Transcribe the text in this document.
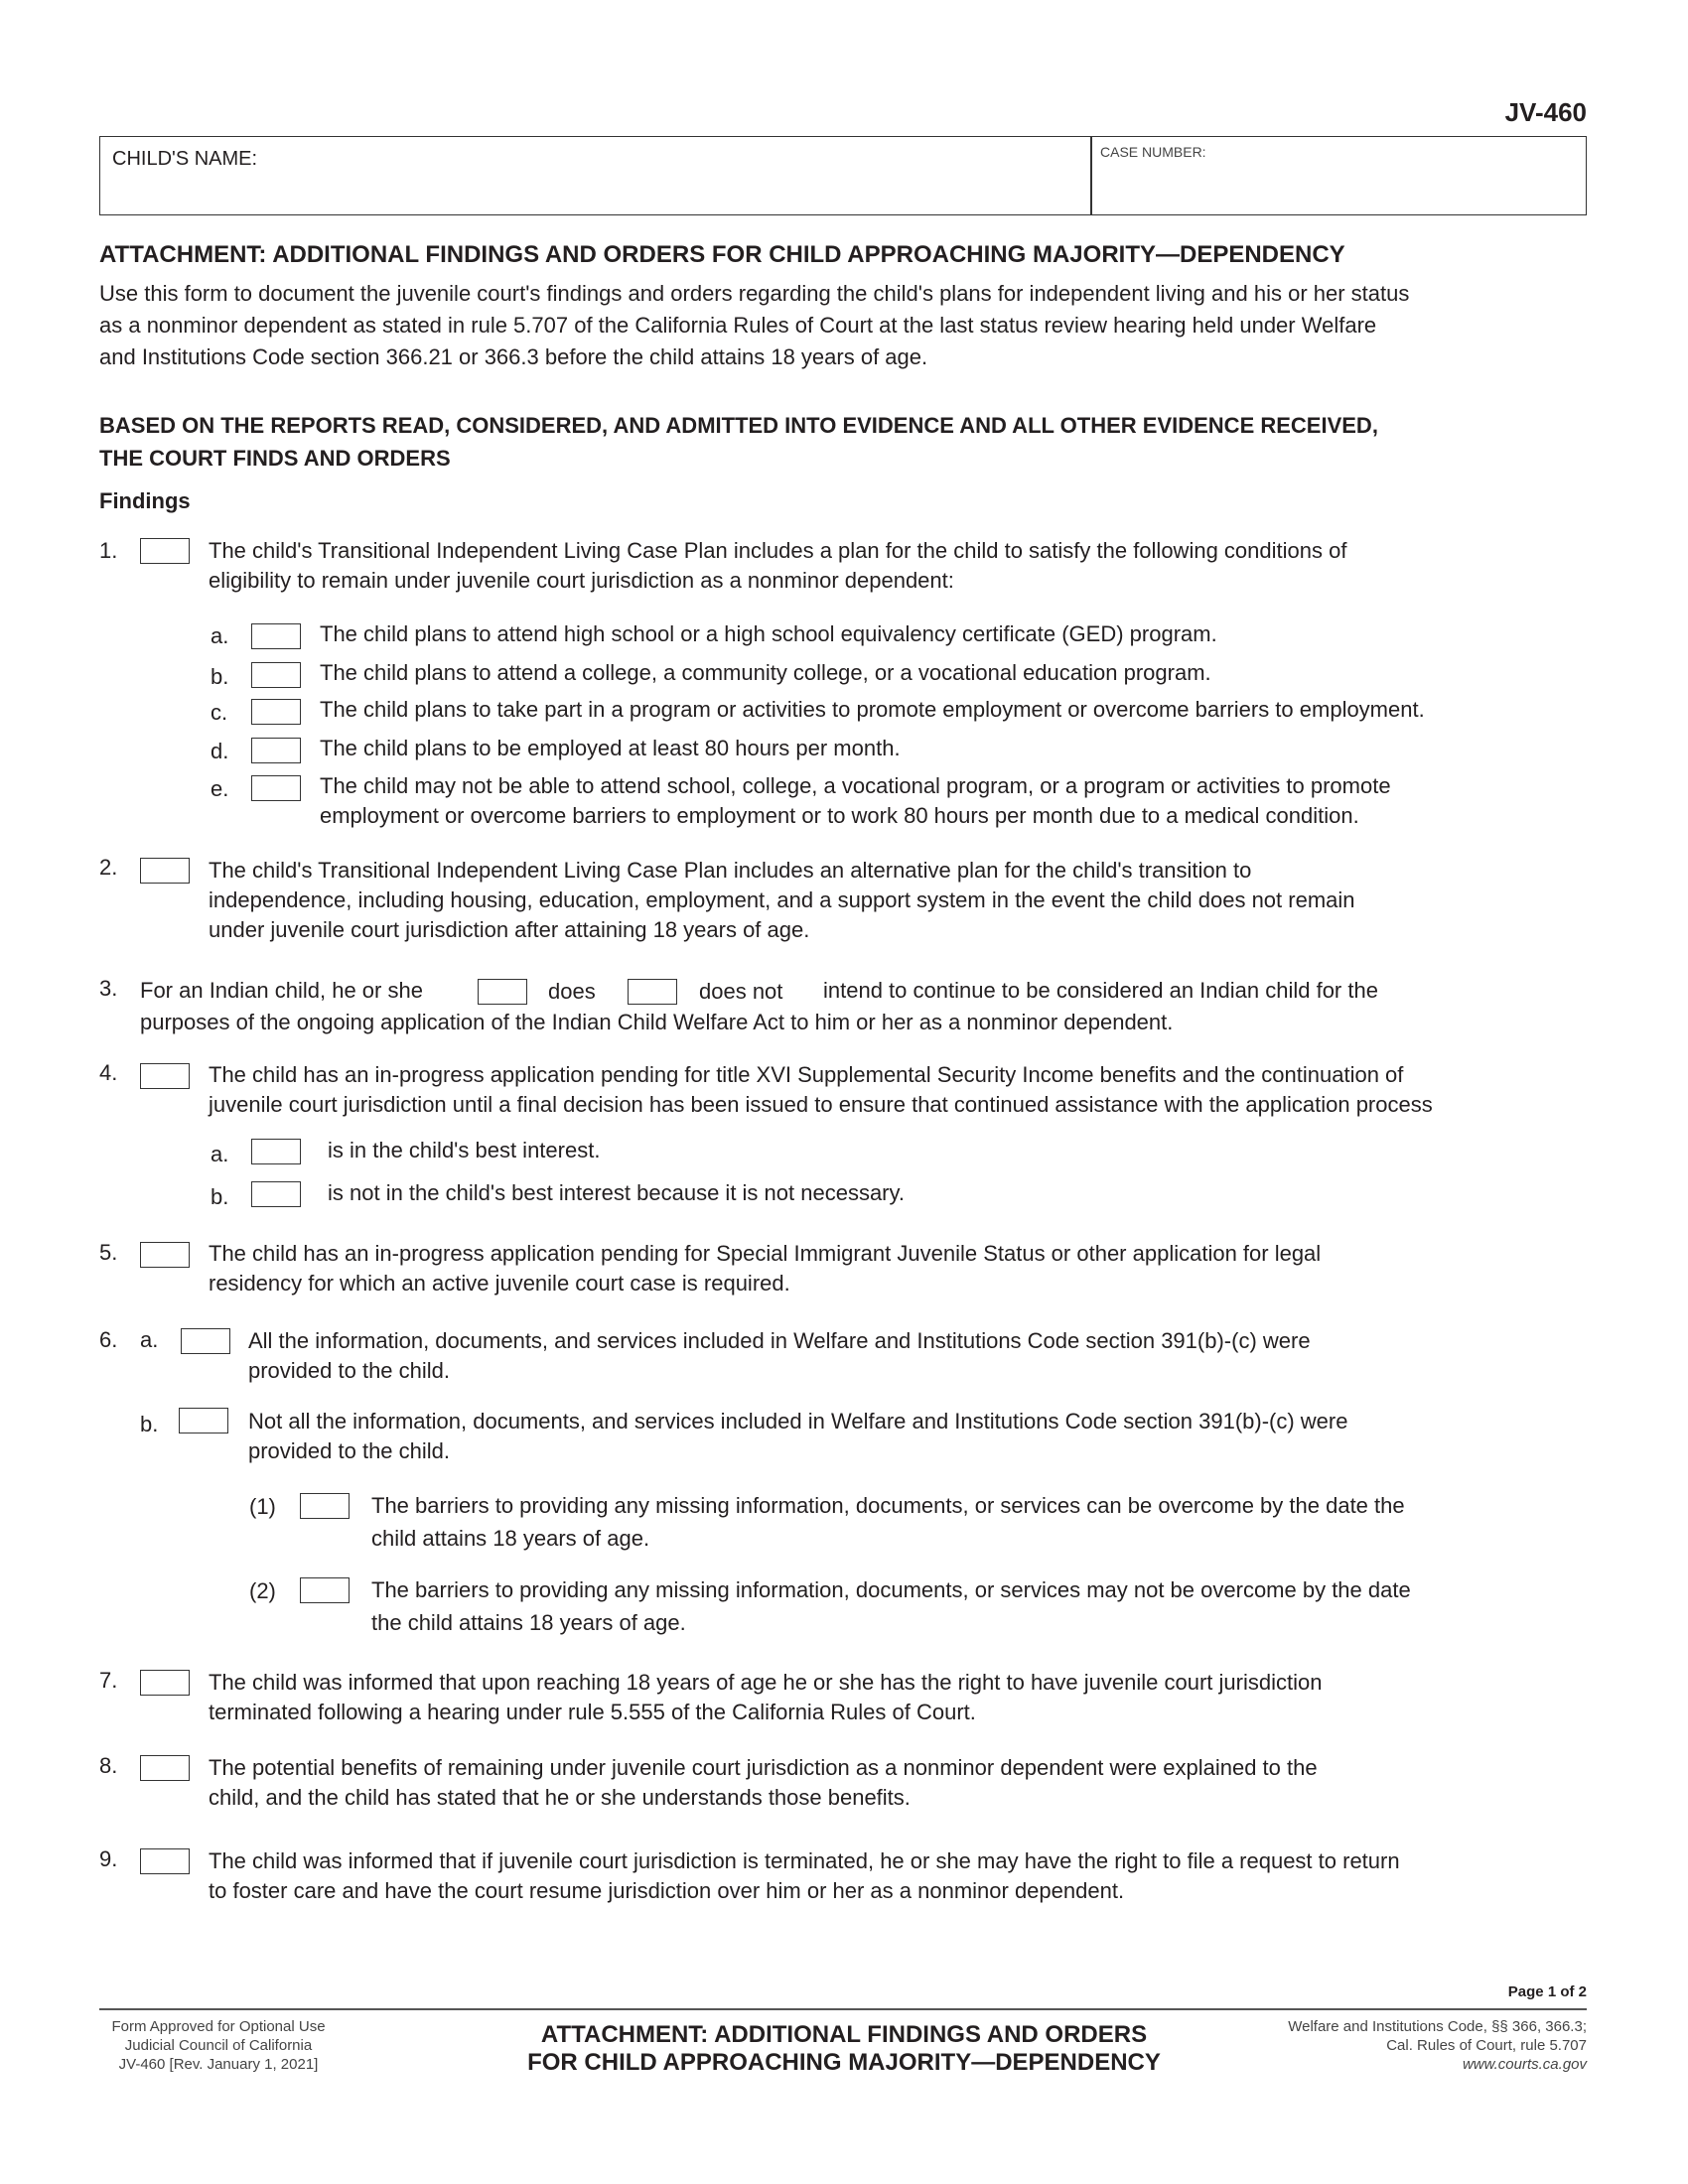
JV-460
CHILD'S NAME:	CASE NUMBER:
ATTACHMENT: ADDITIONAL FINDINGS AND ORDERS FOR CHILD APPROACHING MAJORITY—DEPENDENCY
Use this form to document the juvenile court's findings and orders regarding the child's plans for independent living and his or her status
as a nonminor dependent as stated in rule 5.707 of the California Rules of Court at the last status review hearing held under Welfare
and Institutions Code section 366.21 or 366.3 before the child attains 18 years of age.
BASED ON THE REPORTS READ, CONSIDERED, AND ADMITTED INTO EVIDENCE AND ALL OTHER EVIDENCE RECEIVED,
THE COURT FINDS AND ORDERS
Findings
1.	The child's Transitional Independent Living Case Plan includes a plan for the child to satisfy the following conditions of
eligibility to remain under juvenile court jurisdiction as a nonminor dependent:
a.	The child plans to attend high school or a high school equivalency certificate (GED) program.
b.	The child plans to attend a college, a community college, or a vocational education program.
c.	The child plans to take part in a program or activities to promote employment or overcome barriers to employment.
d.	The child plans to be employed at least 80 hours per month.
e.	The child may not be able to attend school, college, a vocational program, or a program or activities to promote
employment or overcome barriers to employment or to work 80 hours per month due to a medical condition.
2.	The child's Transitional Independent Living Case Plan includes an alternative plan for the child's transition to
independence, including housing, education, employment, and a support system in the event the child does not remain
under juvenile court jurisdiction after attaining 18 years of age.
3. For an Indian child, he or she	does	does not intend to continue to be considered an Indian child for the
purposes of the ongoing application of the Indian Child Welfare Act to him or her as a nonminor dependent.
4.	The child has an in-progress application pending for title XVI Supplemental Security Income benefits and the continuation of
juvenile court jurisdiction until a final decision has been issued to ensure that continued assistance with the application process
a.	is in the child's best interest.
b.	is not in the child's best interest because it is not necessary.
5.	The child has an in-progress application pending for Special Immigrant Juvenile Status or other application for legal
residency for which an active juvenile court case is required.
6. a.	All the information, documents, and services included in Welfare and Institutions Code section 391(b)-(c) were
provided to the child.
b.	Not all the information, documents, and services included in Welfare and Institutions Code section 391(b)-(c) were
provided to the child.
(1)	The barriers to providing any missing information, documents, or services can be overcome by the date the
child attains 18 years of age.
(2)	The barriers to providing any missing information, documents, or services may not be overcome by the date
the child attains 18 years of age.
7.	The child was informed that upon reaching 18 years of age he or she has the right to have juvenile court jurisdiction
terminated following a hearing under rule 5.555 of the California Rules of Court.
8.	The potential benefits of remaining under juvenile court jurisdiction as a nonminor dependent were explained to the
child, and the child has stated that he or she understands those benefits.
9.	The child was informed that if juvenile court jurisdiction is terminated, he or she may have the right to file a request to return
to foster care and have the court resume jurisdiction over him or her as a nonminor dependent.
Page 1 of 2
Form Approved for Optional Use
Judicial Council of California
JV-460 [Rev. January 1, 2021]
ATTACHMENT: ADDITIONAL FINDINGS AND ORDERS
FOR CHILD APPROACHING MAJORITY—DEPENDENCY
Welfare and Institutions Code, §§ 366, 366.3;
Cal. Rules of Court, rule 5.707
www.courts.ca.gov
